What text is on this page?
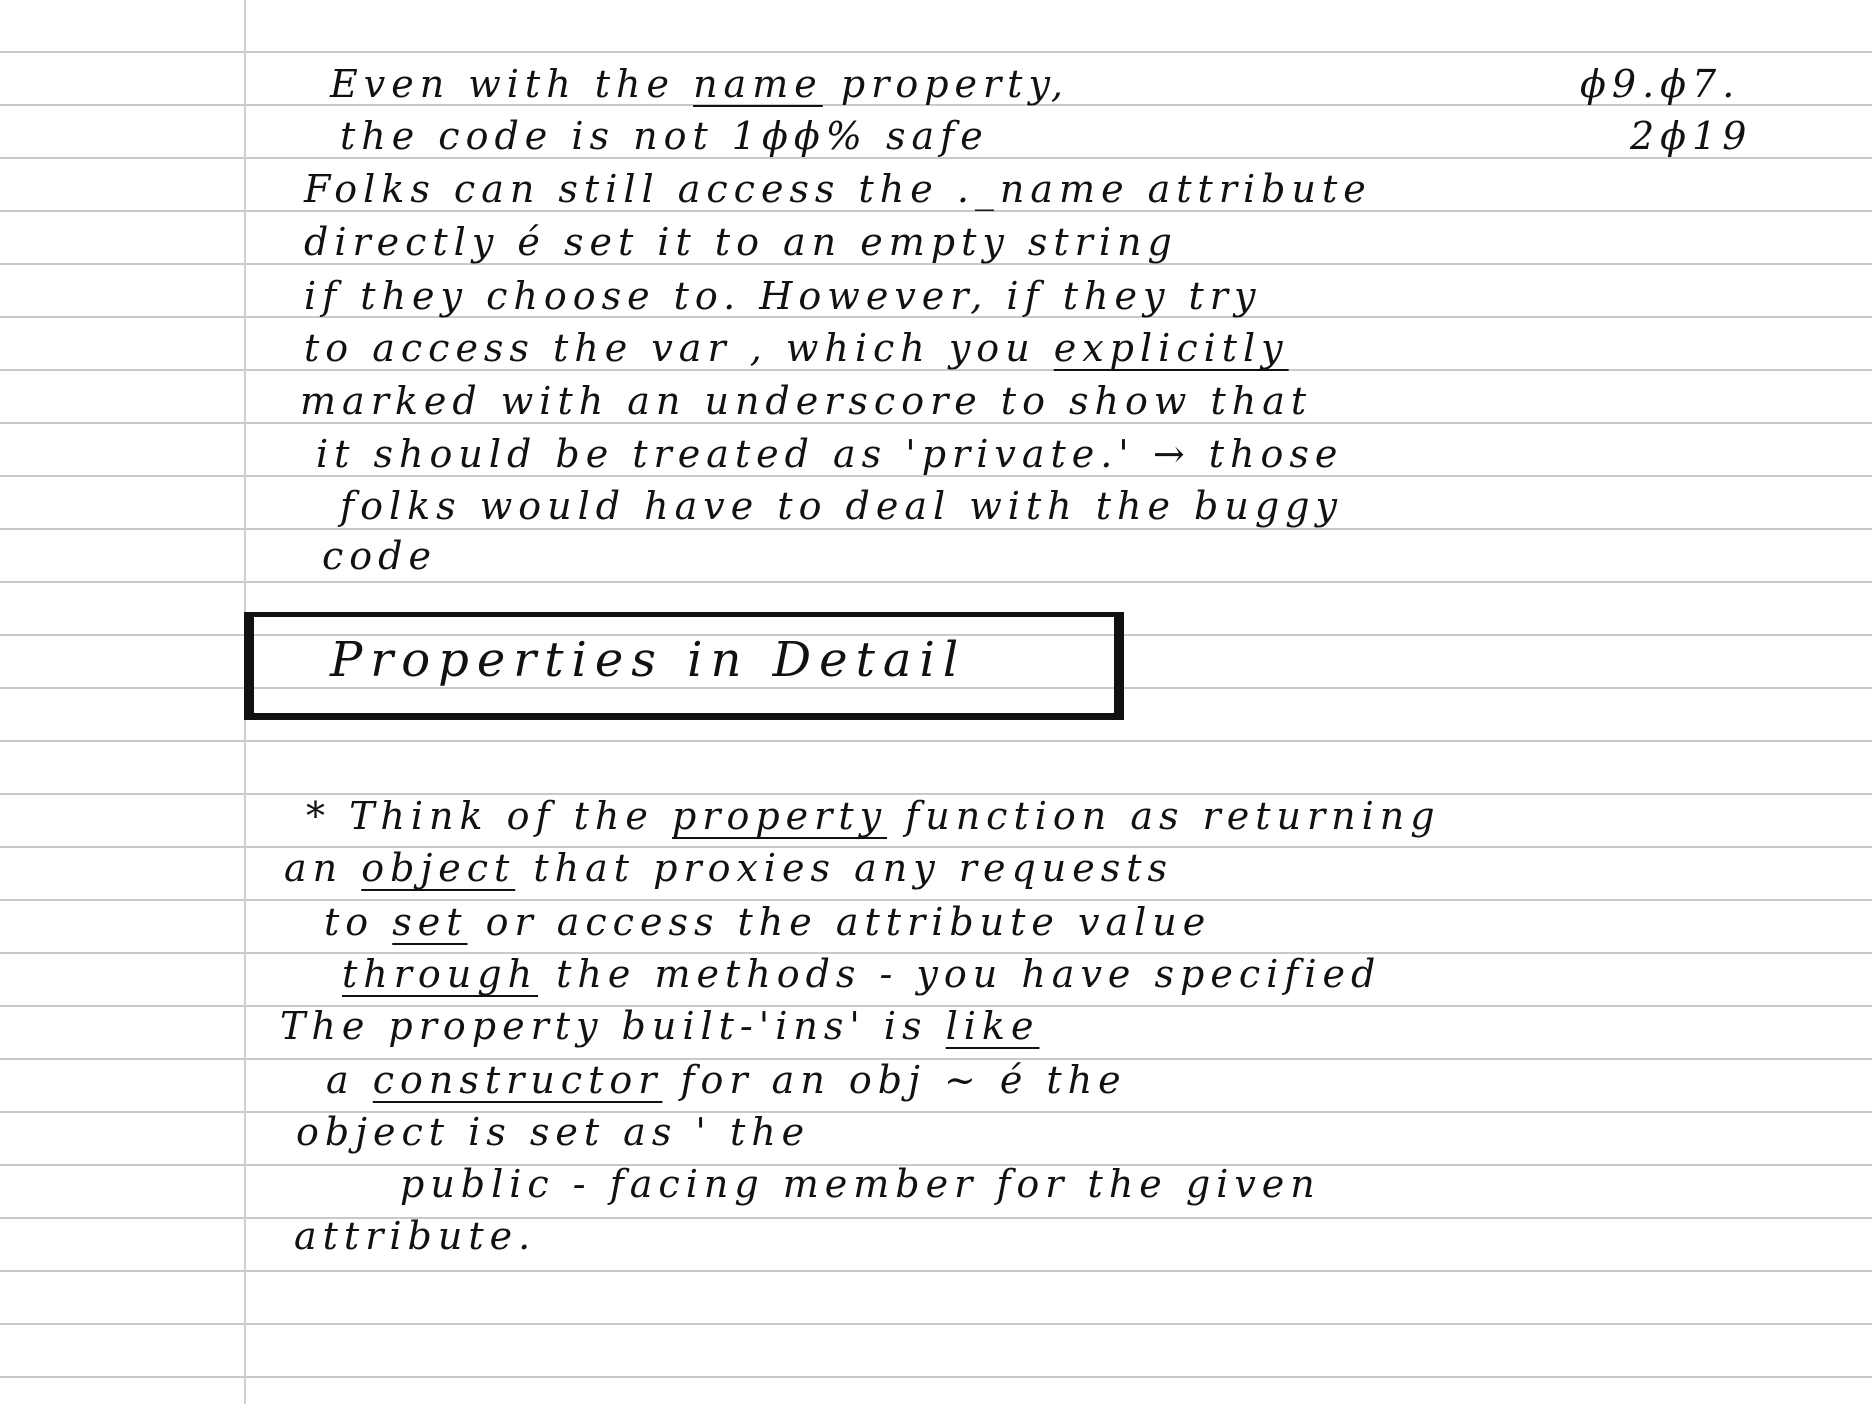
ϕ9.ϕ7.
2ϕ19
Even with the name property,
the code is not 1ϕϕ% safe
Folks can still access the ._name attribute
directly é set it to an empty string
if they choose to. However, if they try
to access the var , which you explicitly
marked with an underscore to show that
it should be treated as 'private.' → those
folks would have to deal with the buggy
code
Properties in Detail
* Think of the property function as returning
an object that proxies any requests
to set or access the attribute value
through the methods - you have specified
The property built-'ins' is like
a constructor for an obj ~ é the
object is set as ' the
public - facing member for the given
attribute.
